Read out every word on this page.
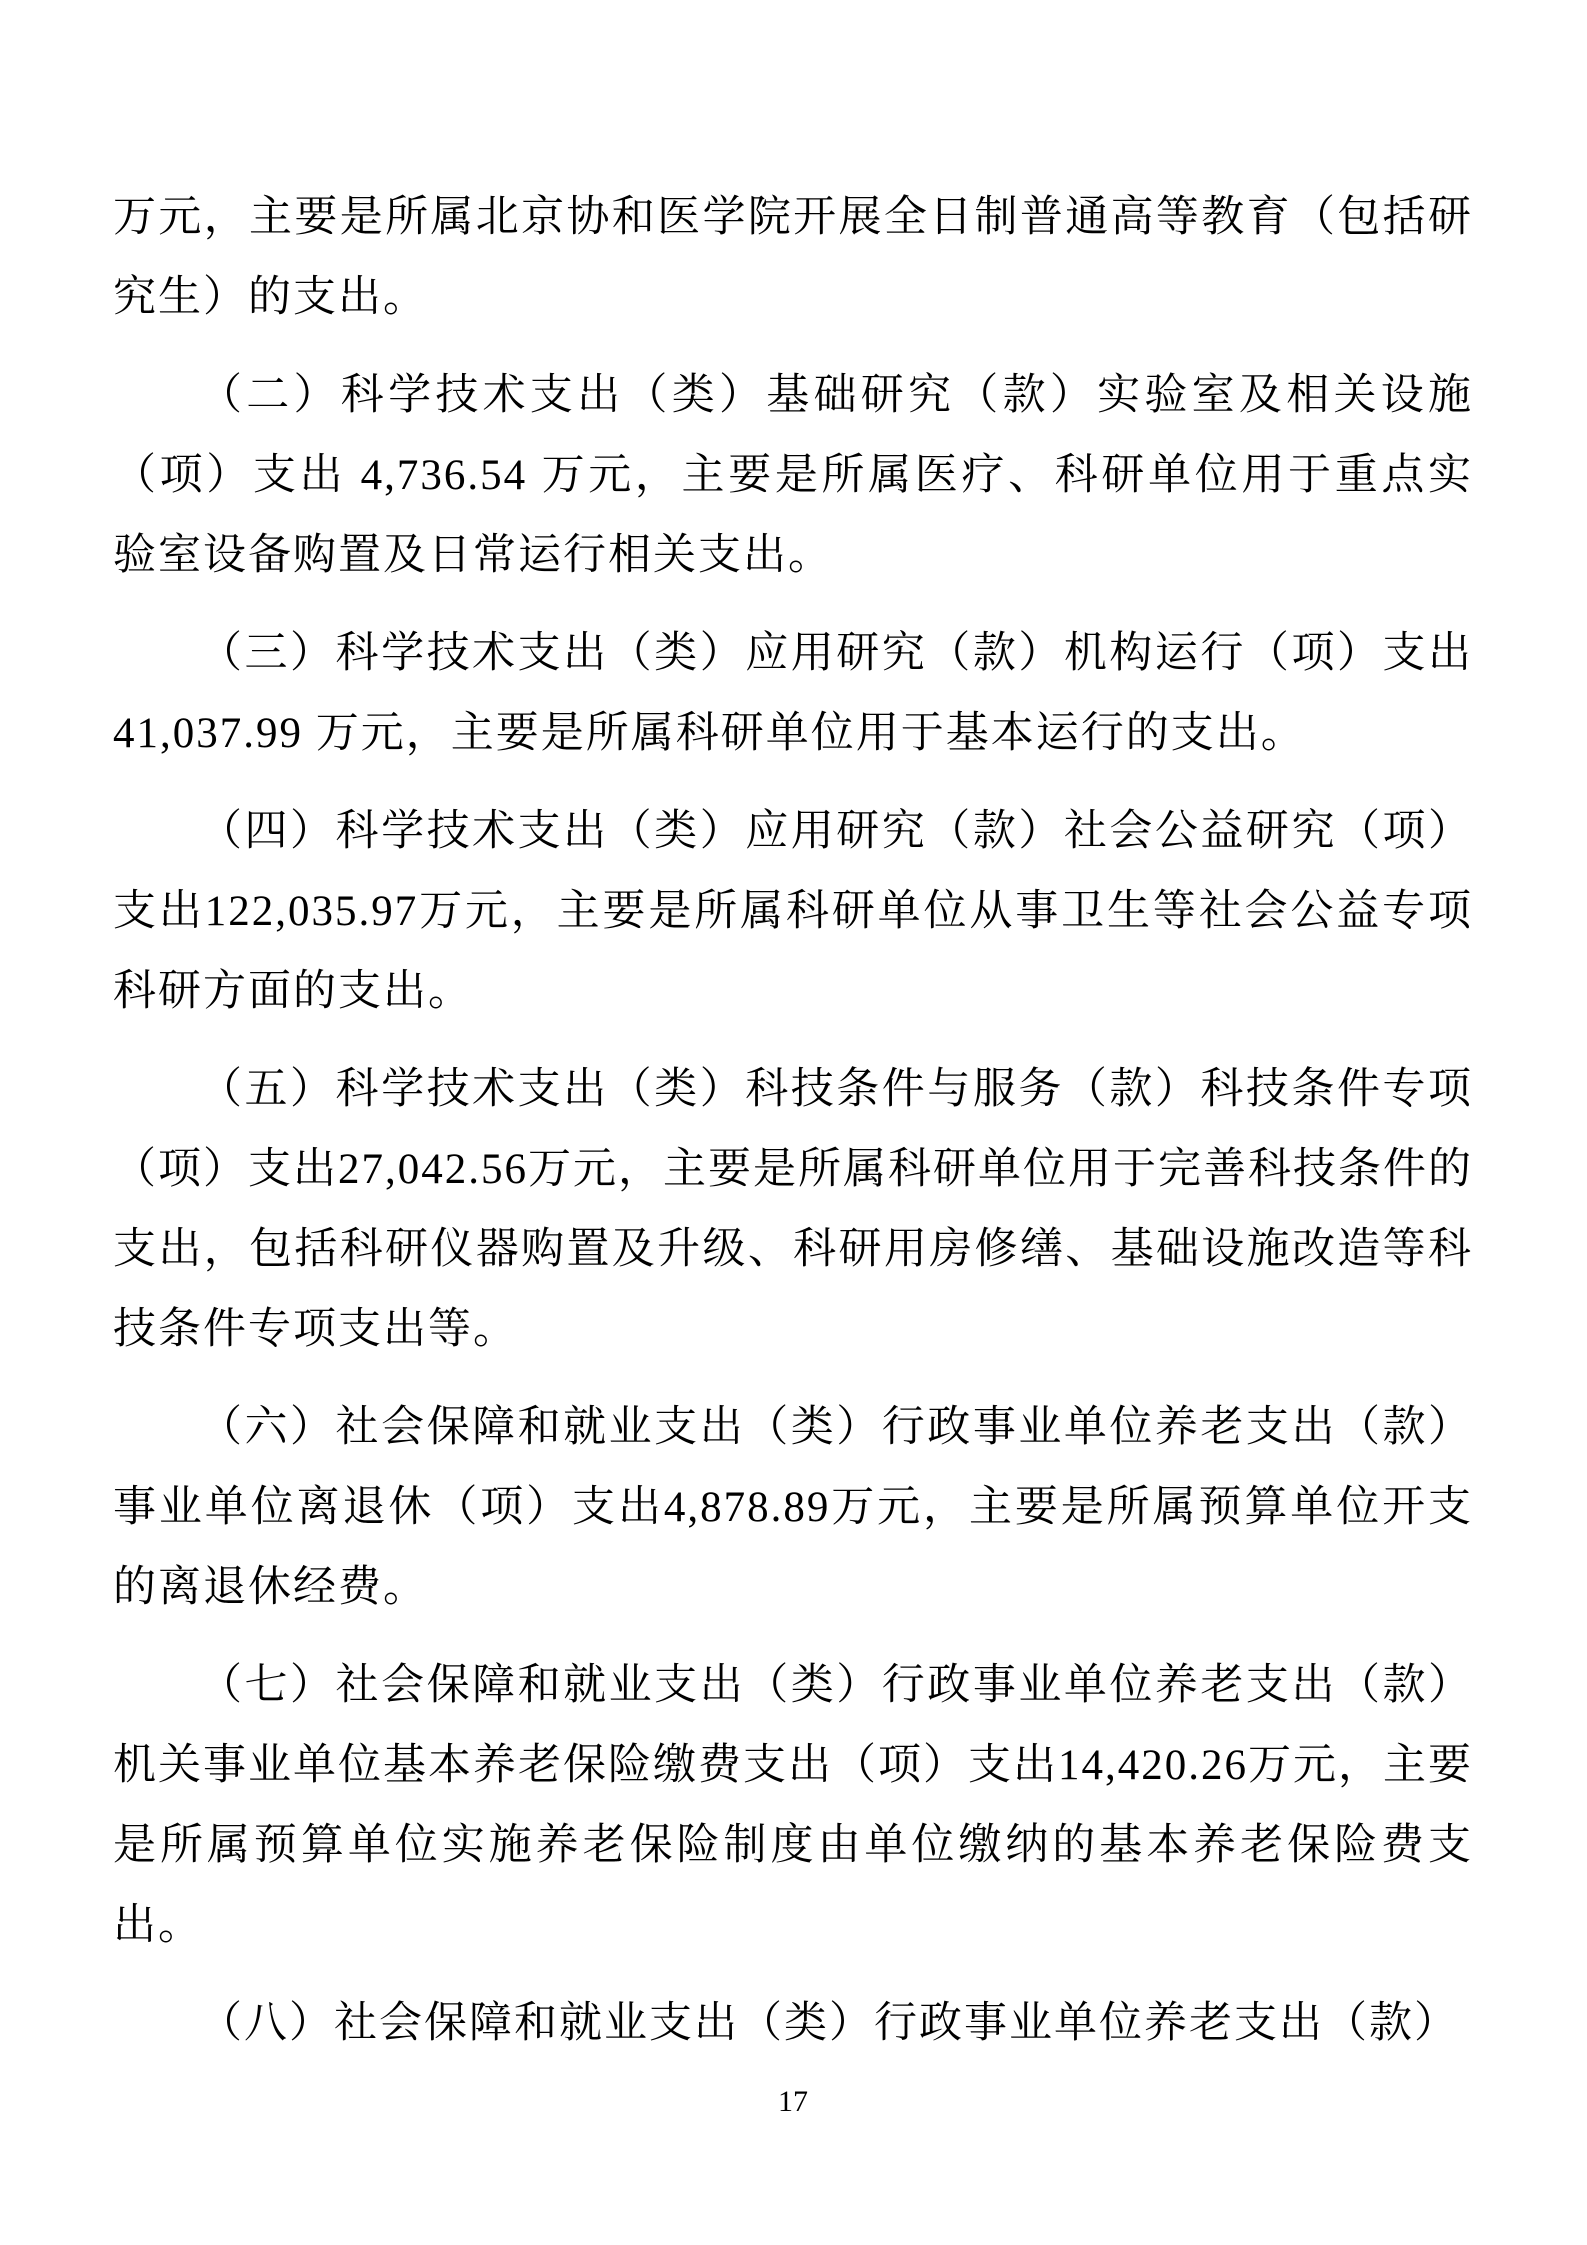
万元，主要是所属北京协和医学院开展全日制普通高等教育（包括研究生）的支出。

（二）科学技术支出（类）基础研究（款）实验室及相关设施（项）支出 4,736.54 万元，主要是所属医疗、科研单位用于重点实验室设备购置及日常运行相关支出。

（三）科学技术支出（类）应用研究（款）机构运行（项）支出 41,037.99 万元，主要是所属科研单位用于基本运行的支出。

（四）科学技术支出（类）应用研究（款）社会公益研究（项）支出122,035.97万元，主要是所属科研单位从事卫生等社会公益专项科研方面的支出。

（五）科学技术支出（类）科技条件与服务（款）科技条件专项（项）支出27,042.56万元，主要是所属科研单位用于完善科技条件的支出，包括科研仪器购置及升级、科研用房修缮、基础设施改造等科技条件专项支出等。

（六）社会保障和就业支出（类）行政事业单位养老支出（款）事业单位离退休（项）支出4,878.89万元，主要是所属预算单位开支的离退休经费。

（七）社会保障和就业支出（类）行政事业单位养老支出（款）机关事业单位基本养老保险缴费支出（项）支出14,420.26万元，主要是所属预算单位实施养老保险制度由单位缴纳的基本养老保险费支出。

（八）社会保障和就业支出（类）行政事业单位养老支出（款）

17
